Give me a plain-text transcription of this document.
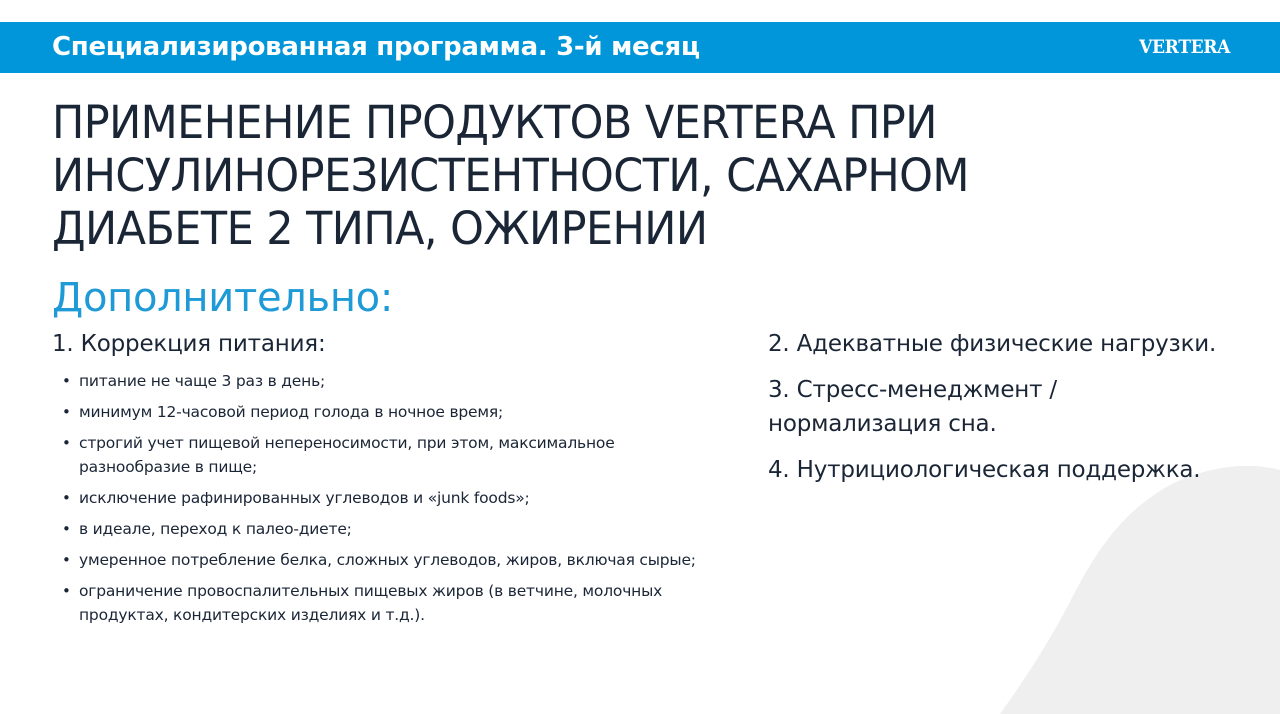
Специализированная программа. 3-й месяц	VERTERA
ПРИМЕНЕНИЕ ПРОДУКТОВ VERTERA ПРИ
ИНСУЛИНОРЕЗИСТЕНТНОСТИ, САХАРНОМ
ДИАБЕТЕ 2 ТИПА, ОЖИРЕНИИ
Дополнительно:
1. Коррекция питания:
• питание не чаще 3 раз в день;
• минимум 12-часовой период голода в ночное время;
• строгий учет пищевой непереносимости, при этом, максимальное разнообразие в пище;
• исключение рафинированных углеводов и «junk foods»;
• в идеале, переход к палео-диете;
• умеренное потребление белка, сложных углеводов, жиров, включая сырые;
• ограничение провоспалительных пищевых жиров (в ветчине, молочных продуктах, кондитерских изделиях и т.д.).
2. Адекватные физические нагрузки.
3. Стресс-менеджмент / нормализация сна.
4. Нутрициологическая поддержка.
